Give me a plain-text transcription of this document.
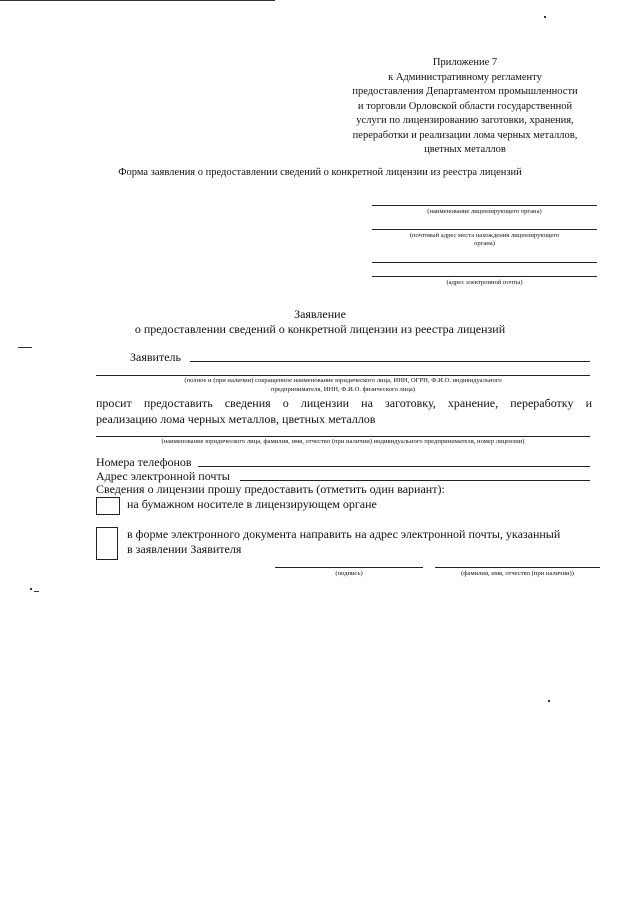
Приложение 7
к Административному регламенту
предоставления Департаментом промышленности
и торговли Орловской области государственной
услуги по лицензированию заготовки, хранения,
переработки и реализации лома черных металлов,
цветных металлов
Форма заявления о предоставлении сведений о конкретной лицензии из реестра лицензий
(наименование лицензирующего органа)
(почтовый адрес места нахождения лицензирующего
органа)
(адрес электронной почты)
Заявление
о предоставлении сведений о конкретной лицензии из реестра лицензий
Заявитель
(полное и (при наличии) сокращенное наименование юридического лица, ИНН, ОГРН, Ф.И.О. индивидуального
предпринимателя, ИНН, Ф.И.О. физического лица)
просит предоставить сведения о лицензии на заготовку, хранение, переработку и
реализацию лома черных металлов, цветных металлов
(наименование юридического лица, фамилия, имя, отчество (при наличии) индивидуального предпринимателя, номер лицензии)
Номера телефонов
Адрес электронной почты
Сведения о лицензии прошу предоставить (отметить один вариант):
на бумажном носителе в лицензирующем органе
в форме электронного документа направить на адрес электронной почты, указанный
в заявлении Заявителя
(подпись)	(фамилия, имя, отчество (при наличии))
